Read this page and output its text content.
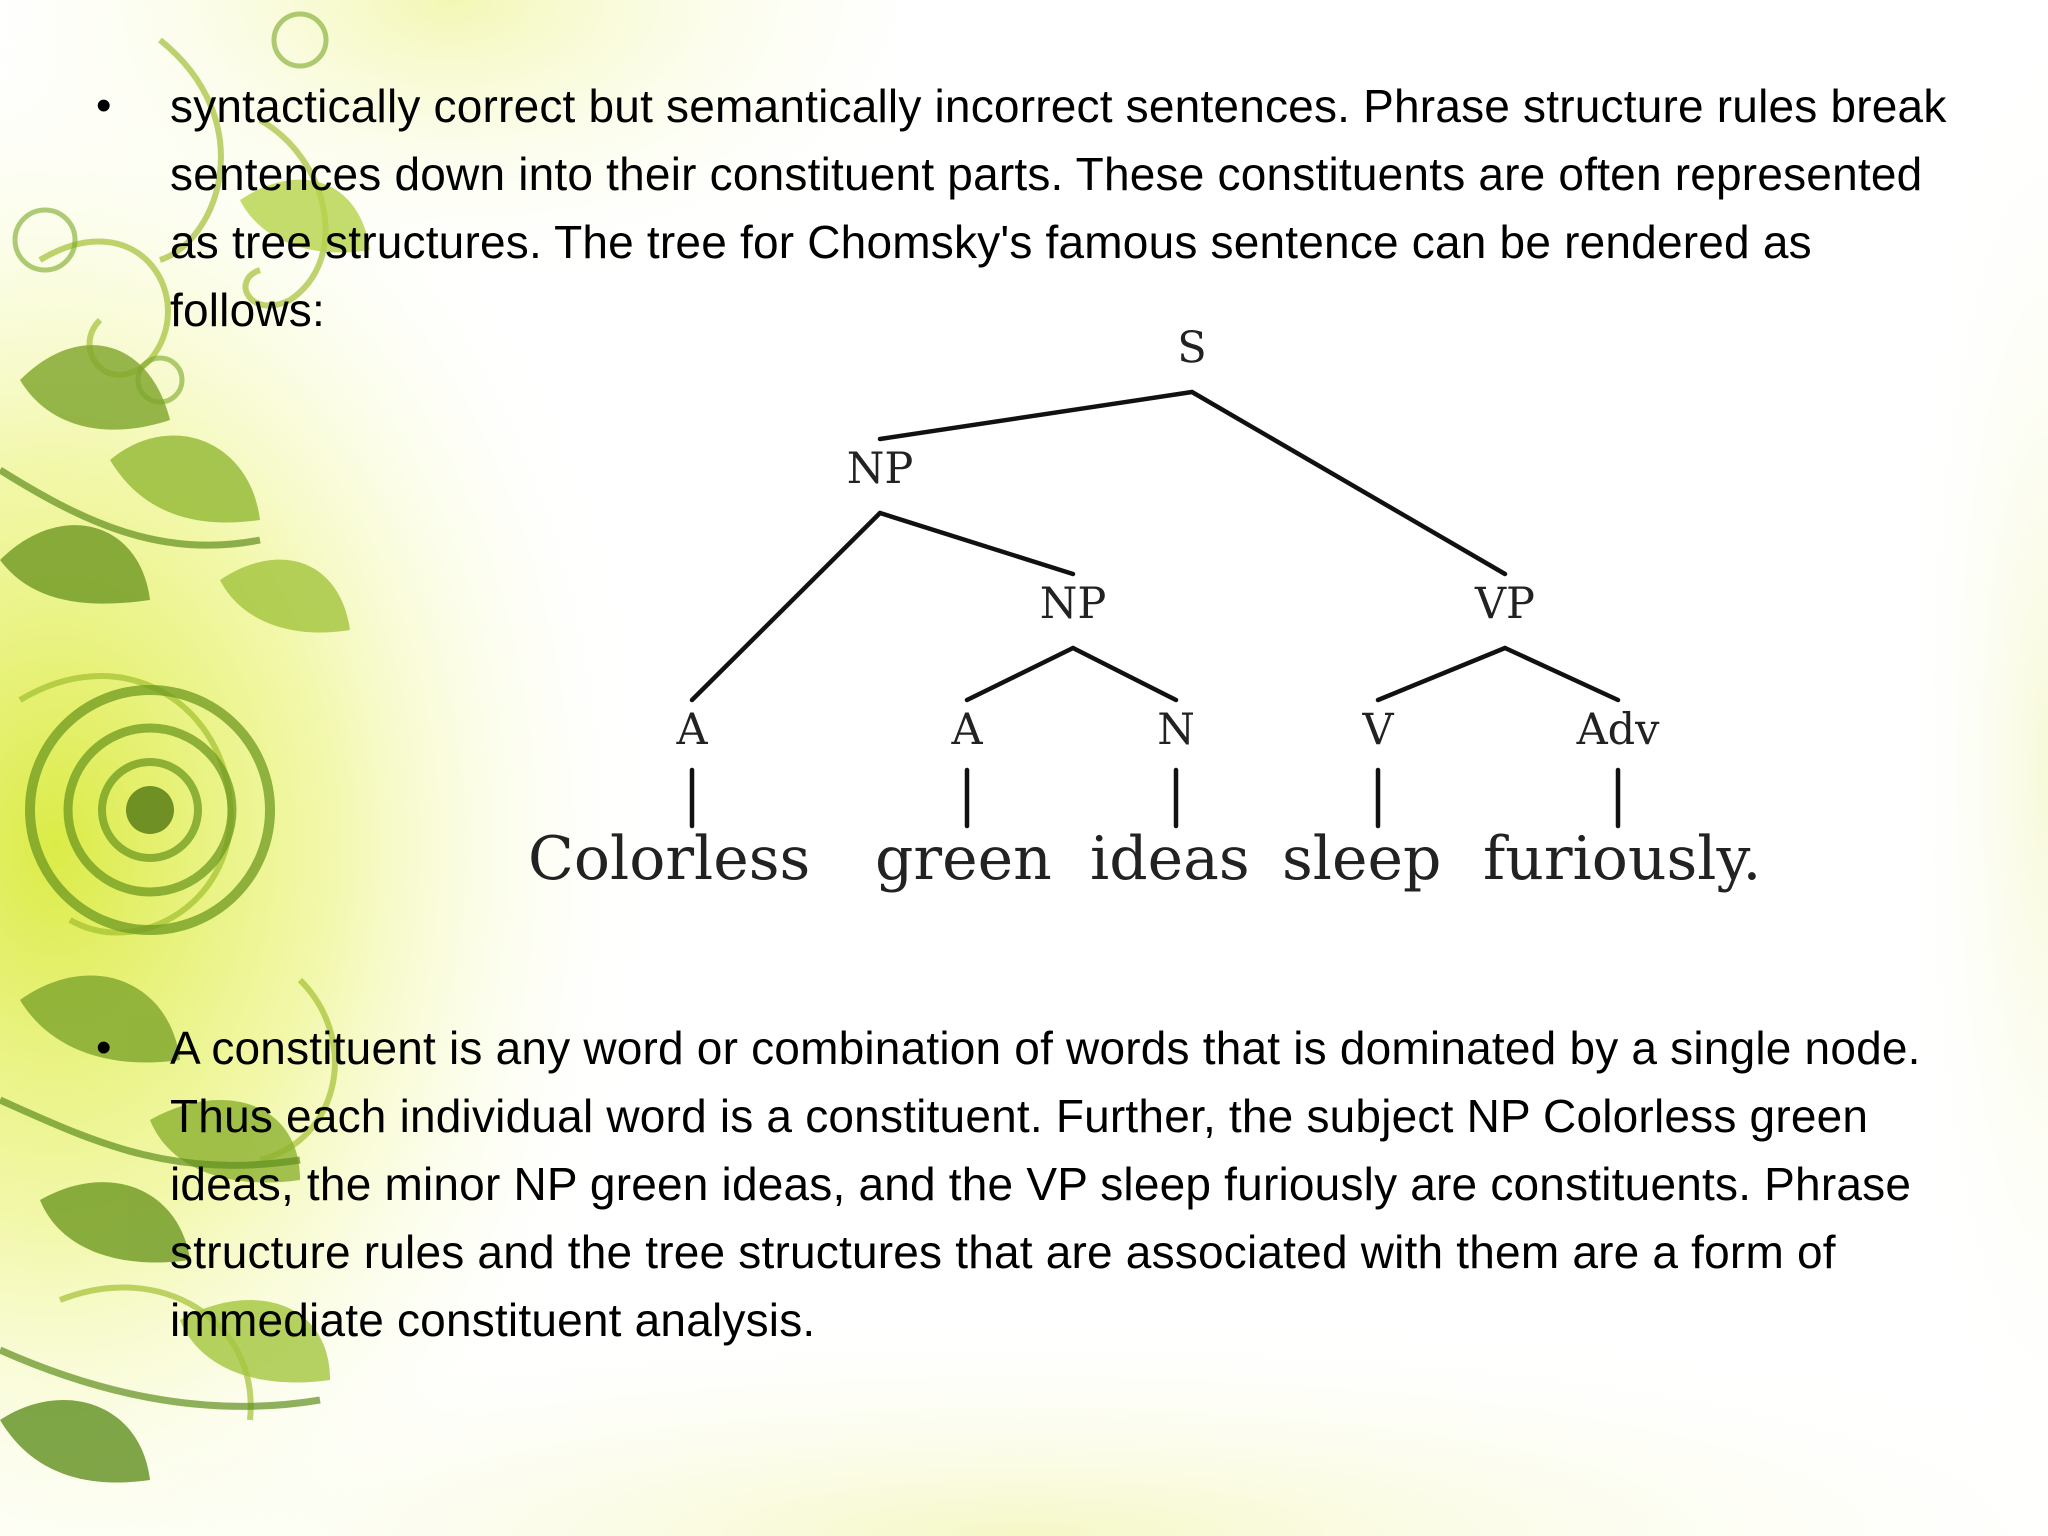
• syntactically correct but semantically incorrect sentences. Phrase structure rules break sentences down into their constituent parts. These constituents are often represented as tree structures. The tree for Chomsky's famous sentence can be rendered as follows:

S
NP
NP	VP
A	A	N	V	Adv
Colorless green ideas sleep furiously.
• A constituent is any word or combination of words that is dominated by a single node. Thus each individual word is a constituent. Further, the subject NP Colorless green ideas, the minor NP green ideas, and the VP sleep furiously are constituents. Phrase structure rules and the tree structures that are associated with them are a form of immediate constituent analysis.
